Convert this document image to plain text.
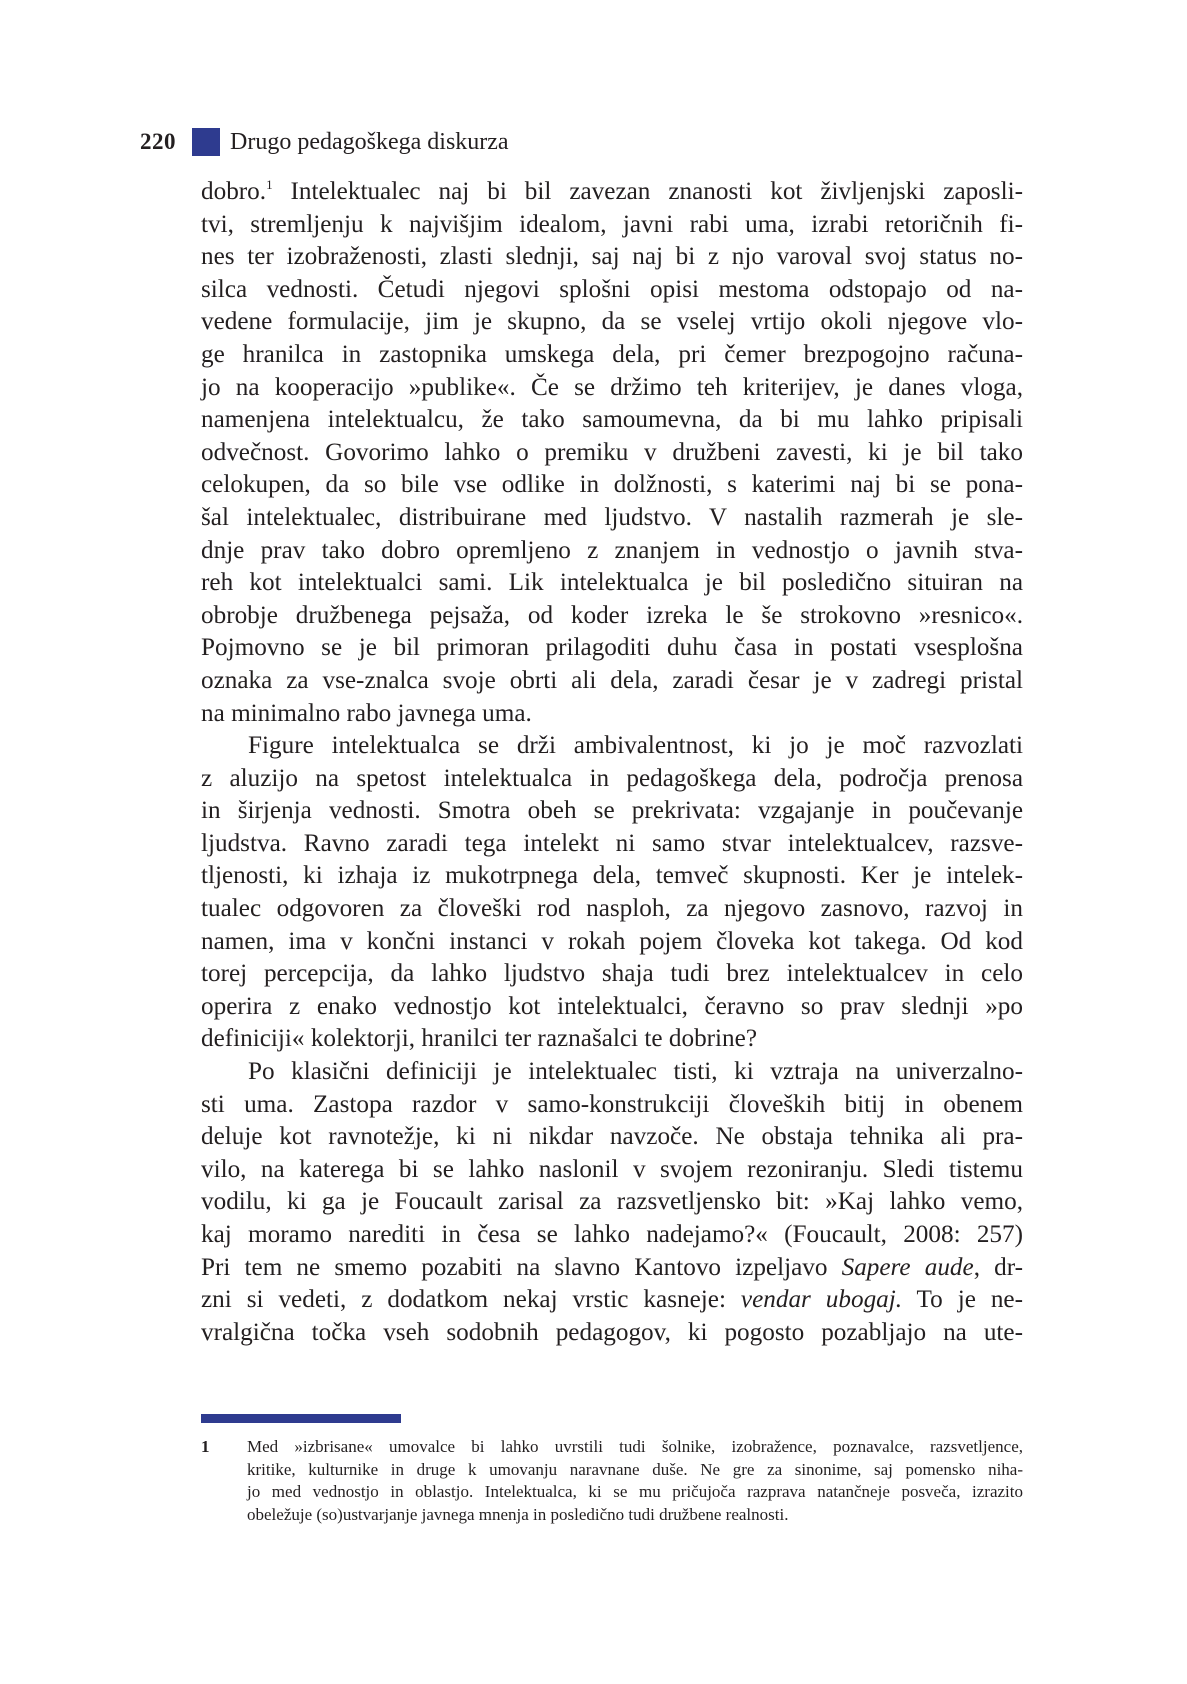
220	Drugo pedagoškega diskurza
dobro.$^1$ Intelektualec naj bi bil zavezan znanosti kot življenjski zaposli-
tvi, stremljenju k najvišjim idealom, javni rabi uma, izrabi retoričnih fi-
nes ter izobraženosti, zlasti slednji, saj naj bi z njo varoval svoj status no-
silca vednosti. Četudi njegovi splošni opisi mestoma odstopajo od na-
vedene formulacije, jim je skupno, da se vselej vrtijo okoli njegove vlo-
ge hranilca in zastopnika umskega dela, pri čemer brezpogojno računa-
jo na kooperacijo »publike«. Če se držimo teh kriterijev, je danes vloga,
namenjena intelektualcu, že tako samoumevna, da bi mu lahko pripisali
odvečnost. Govorimo lahko o premiku v družbeni zavesti, ki je bil tako
celokupen, da so bile vse odlike in dolžnosti, s katerimi naj bi se pona-
šal intelektualec, distribuirane med ljudstvo. V nastalih razmerah je sle-
dnje prav tako dobro opremljeno z znanjem in vednostjo o javnih stva-
reh kot intelektualci sami. Lik intelektualca je bil posledično situiran na
obrobje družbenega pejsaža, od koder izreka le še strokovno »resnico«.
Pojmovno se je bil primoran prilagoditi duhu časa in postati vsesplošna
oznaka za vse-znalca svoje obrti ali dela, zaradi česar je v zadregi pristal
na minimalno rabo javnega uma.
Figure intelektualca se drži ambivalentnost, ki jo je moč razvozlati
z aluzijo na spetost intelektualca in pedagoškega dela, področja prenosa
in širjenja vednosti. Smotra obeh se prekrivata: vzgajanje in poučevanje
ljudstva. Ravno zaradi tega intelekt ni samo stvar intelektualcev, razsve-
tljenosti, ki izhaja iz mukotrpnega dela, temveč skupnosti. Ker je intelek-
tualec odgovoren za človeški rod nasploh, za njegovo zasnovo, razvoj in
namen, ima v končni instanci v rokah pojem človeka kot takega. Od kod
torej percepcija, da lahko ljudstvo shaja tudi brez intelektualcev in celo
operira z enako vednostjo kot intelektualci, čeravno so prav slednji »po
definiciji« kolektorji, hranilci ter raznašalci te dobrine?
Po klasični definiciji je intelektualec tisti, ki vztraja na univerzalno-
sti uma. Zastopa razdor v samo-konstrukciji človeških bitij in obenem
deluje kot ravnotežje, ki ni nikdar navzoče. Ne obstaja tehnika ali pra-
vilo, na katerega bi se lahko naslonil v svojem rezoniranju. Sledi tistemu
vodilu, ki ga je Foucault zarisal za razsvetljensko bit: »Kaj lahko vemo,
kaj moramo narediti in česa se lahko nadejamo?« (Foucault, 2008: 257)
Pri tem ne smemo pozabiti na slavno Kantovo izpeljavo Sapere aude, dr-
zni si vedeti, z dodatkom nekaj vrstic kasneje: vendar ubogaj. To je ne-
vralgična točka vseh sodobnih pedagogov, ki pogosto pozabljajo na ute-
1 Med »izbrisane« umovalce bi lahko uvrstili tudi šolnike, izobražence, poznavalce, razsvetljence,
kritike, kulturnike in druge k umovanju naravnane duše. Ne gre za sinonime, saj pomensko niha-
jo med vednostjo in oblastjo. Intelektualca, ki se mu pričujoča razprava natančneje posveča, izrazito
obeležuje (so)ustvarjanje javnega mnenja in posledično tudi družbene realnosti.
